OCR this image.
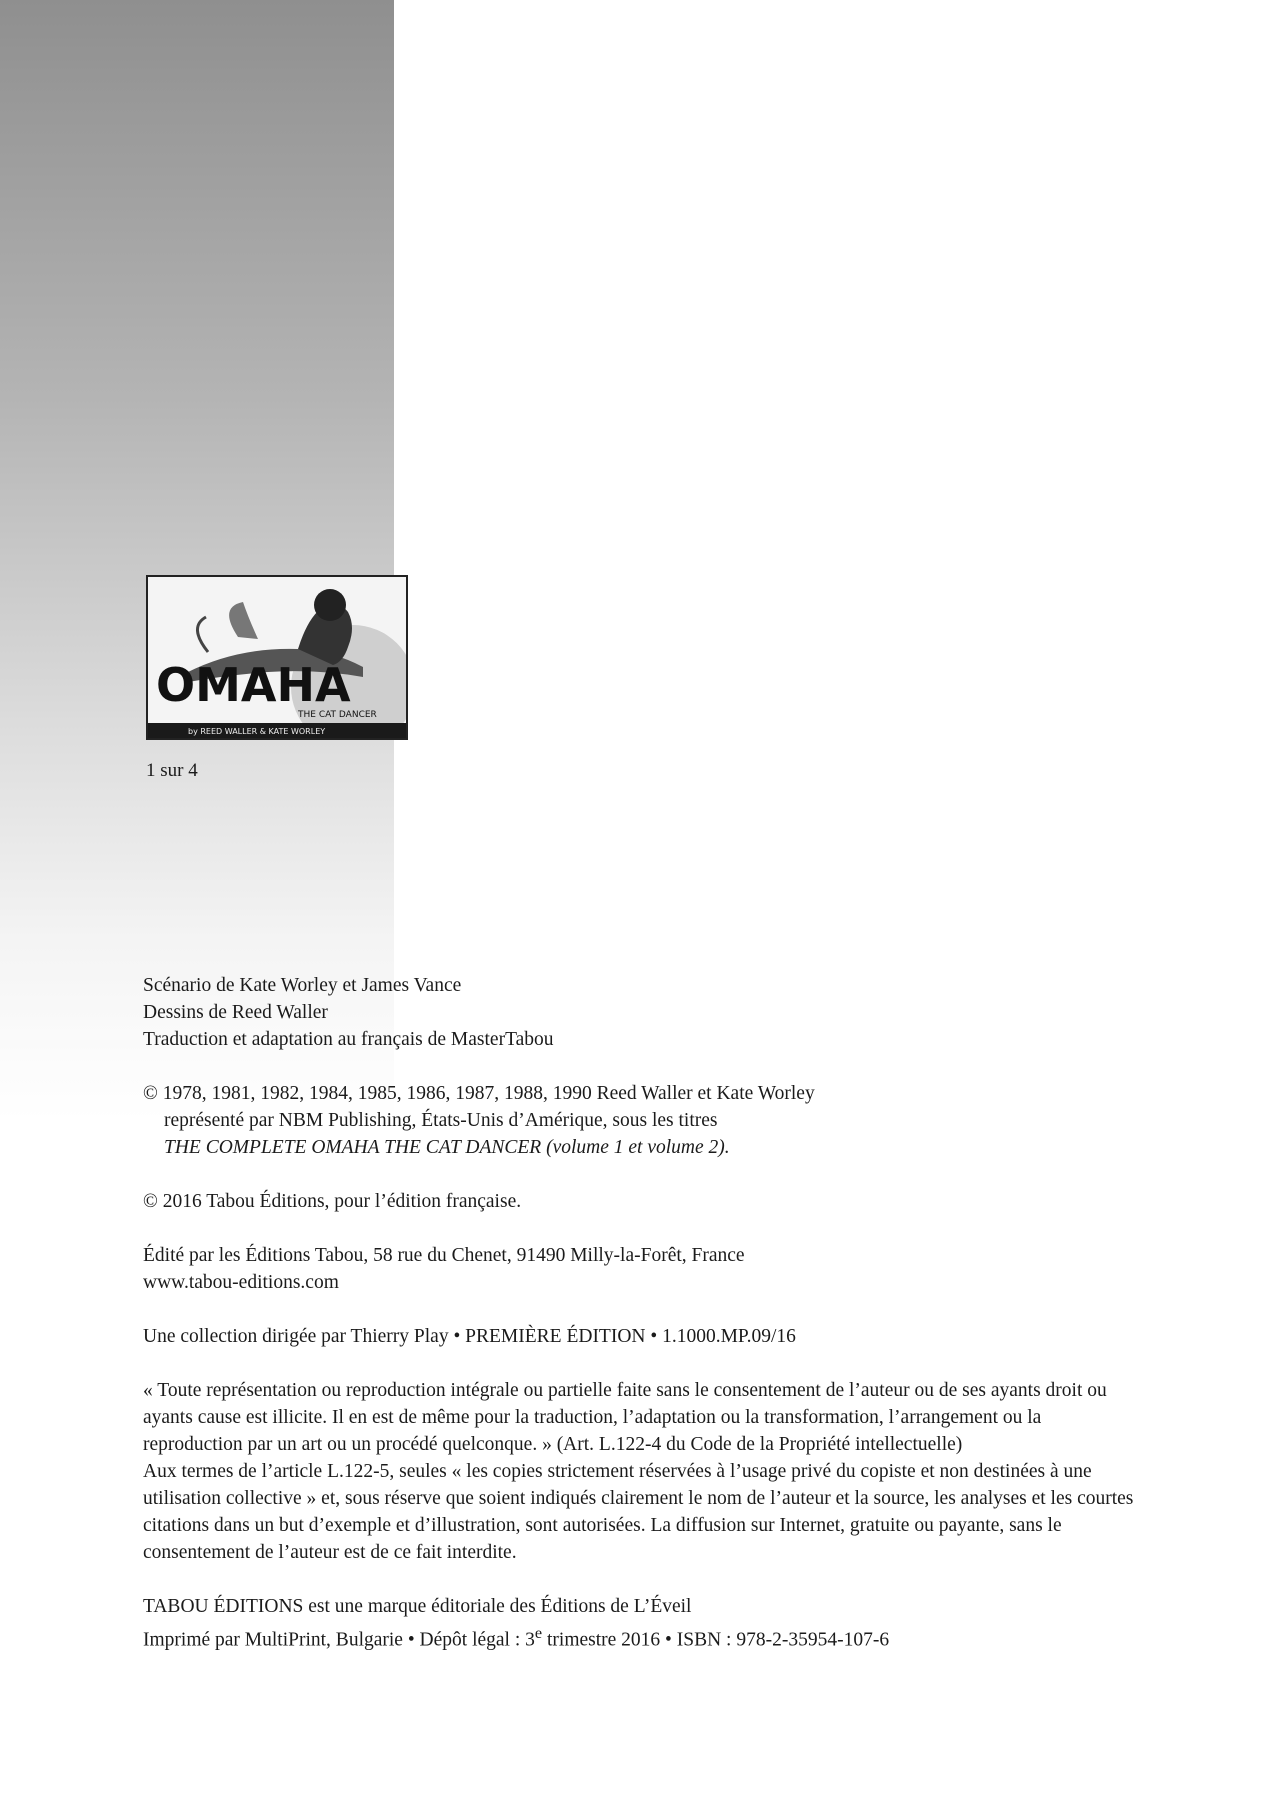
OMAHA
THE CAT DANCER
by REED WALLER & KATE WORLEY
1 sur 4

Scénario de Kate Worley et James Vance

Dessins de Reed Waller

Traduction et adaptation au français de MasterTabou

© 1978, 1981, 1982, 1984, 1985, 1986, 1987, 1988, 1990 Reed Waller et Kate Worley

représenté par NBM Publishing, États-Unis d’Amérique, sous les titres

THE COMPLETE OMAHA THE CAT DANCER (volume 1 et volume 2).

© 2016 Tabou Éditions, pour l’édition française.

Édité par les Éditions Tabou, 58 rue du Chenet, 91490 Milly-la-Forêt, France

www.tabou-editions.com

Une collection dirigée par Thierry Play • PREMIÈRE ÉDITION • 1.1000.MP.09/16

« Toute représentation ou reproduction intégrale ou partielle faite sans le consentement de l’auteur ou de ses ayants droit ou ayants cause est illicite. Il en est de même pour la traduction, l’adaptation ou la transformation, l’arrangement ou la reproduction par un art ou un procédé quelconque. » (Art. L.122-4 du Code de la Propriété intellectuelle)

Aux termes de l’article L.122-5, seules « les copies strictement réservées à l’usage privé du copiste et non destinées à une utilisation collective » et, sous réserve que soient indiqués clairement le nom de l’auteur et la source, les analyses et les courtes citations dans un but d’exemple et d’illustration, sont autorisées. La diffusion sur Internet, gratuite ou payante, sans le consentement de l’auteur est de ce fait interdite.

TABOU ÉDITIONS est une marque éditoriale des Éditions de L’Éveil

Imprimé par MultiPrint, Bulgarie • Dépôt légal : 3e trimestre 2016 • ISBN : 978-2-35954-107-6
